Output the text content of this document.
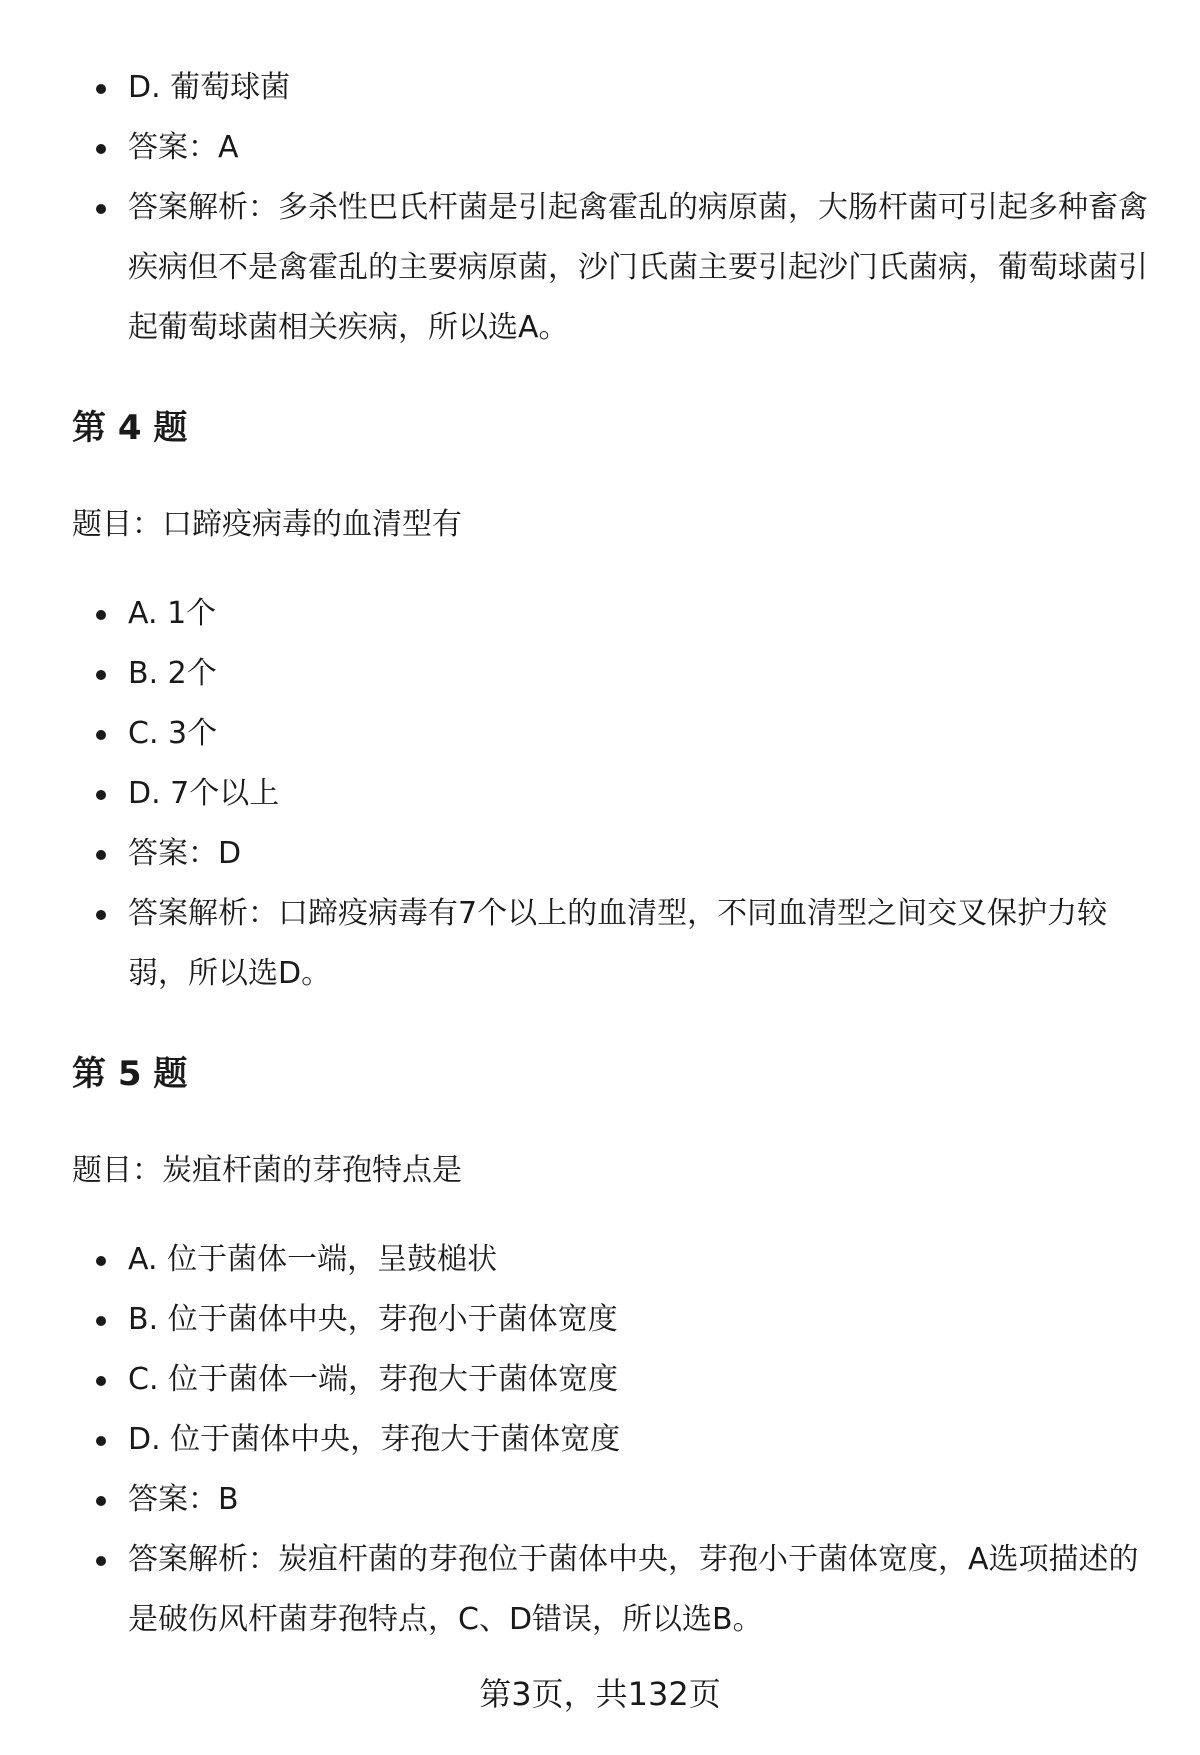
D. 葡萄球菌
答案：A
答案解析：多杀性巴氏杆菌是引起禽霍乱的病原菌，大肠杆菌可引起多种畜禽疾病但不是禽霍乱的主要病原菌，沙门氏菌主要引起沙门氏菌病，葡萄球菌引起葡萄球菌相关疾病，所以选A。
第 4 题

题目：口蹄疫病毒的血清型有

A. 1个
B. 2个
C. 3个
D. 7个以上
答案：D
答案解析：口蹄疫病毒有7个以上的血清型，不同血清型之间交叉保护力较弱，所以选D。
第 5 题

题目：炭疽杆菌的芽孢特点是

A. 位于菌体一端，呈鼓槌状
B. 位于菌体中央，芽孢小于菌体宽度
C. 位于菌体一端，芽孢大于菌体宽度
D. 位于菌体中央，芽孢大于菌体宽度
答案：B
答案解析：炭疽杆菌的芽孢位于菌体中央，芽孢小于菌体宽度，A选项描述的是破伤风杆菌芽孢特点，C、D错误，所以选B。
第3页，共132页
